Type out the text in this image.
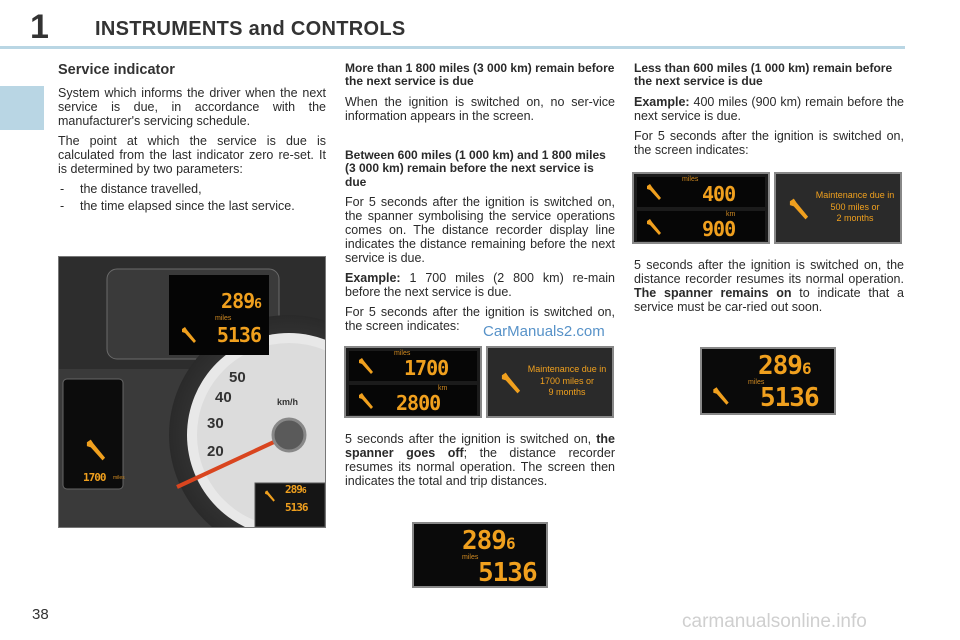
1 INSTRUMENTS and CONTROLS
Service indicator

System which informs the driver when the next service is due, in accordance with the manufacturer's servicing schedule.

The point at which the service is due is calculated from the last indicator zero re-set. It is determined by two parameters:

- the distance travelled,
- the time elapsed since the last service.
2896
miles
5136
1700 miles
km/h
20
30
40
50
2896
5136
More than 1 800 miles (3 000 km) remain before the next service is due

When the ignition is switched on, no ser-vice information appears in the screen.

Between 600 miles (1 000 km) and 1 800 miles (3 000 km) remain before the next service is due

For 5 seconds after the ignition is switched on, the spanner symbolising the service operations comes on. The distance recorder display line indicates the distance remaining before the next service is due.

Example: 1 700 miles (2 800 km) re-main before the next service is due.

For 5 seconds after the ignition is switched on, the screen indicates:	CarManuals2.com
miles
1700
km
2800
Maintenance due in
1700 miles or
9 months

5 seconds after the ignition is switched on, the spanner goes off; the distance recorder resumes its normal operation. The screen then indicates the total and trip distances.

2896
miles
5136
Less than 600 miles (1 000 km) remain before the next service is due

Example: 400 miles (900 km) remain before the next service is due.

For 5 seconds after the ignition is switched on, the screen indicates:

miles
400
km
900
Maintenance due in
500 miles or
2 months

5 seconds after the ignition is switched on, the distance recorder resumes its normal operation. The spanner remains on to indicate that a service must be car-ried out soon.

2896
miles
5136
38	carmanualsonline.info
